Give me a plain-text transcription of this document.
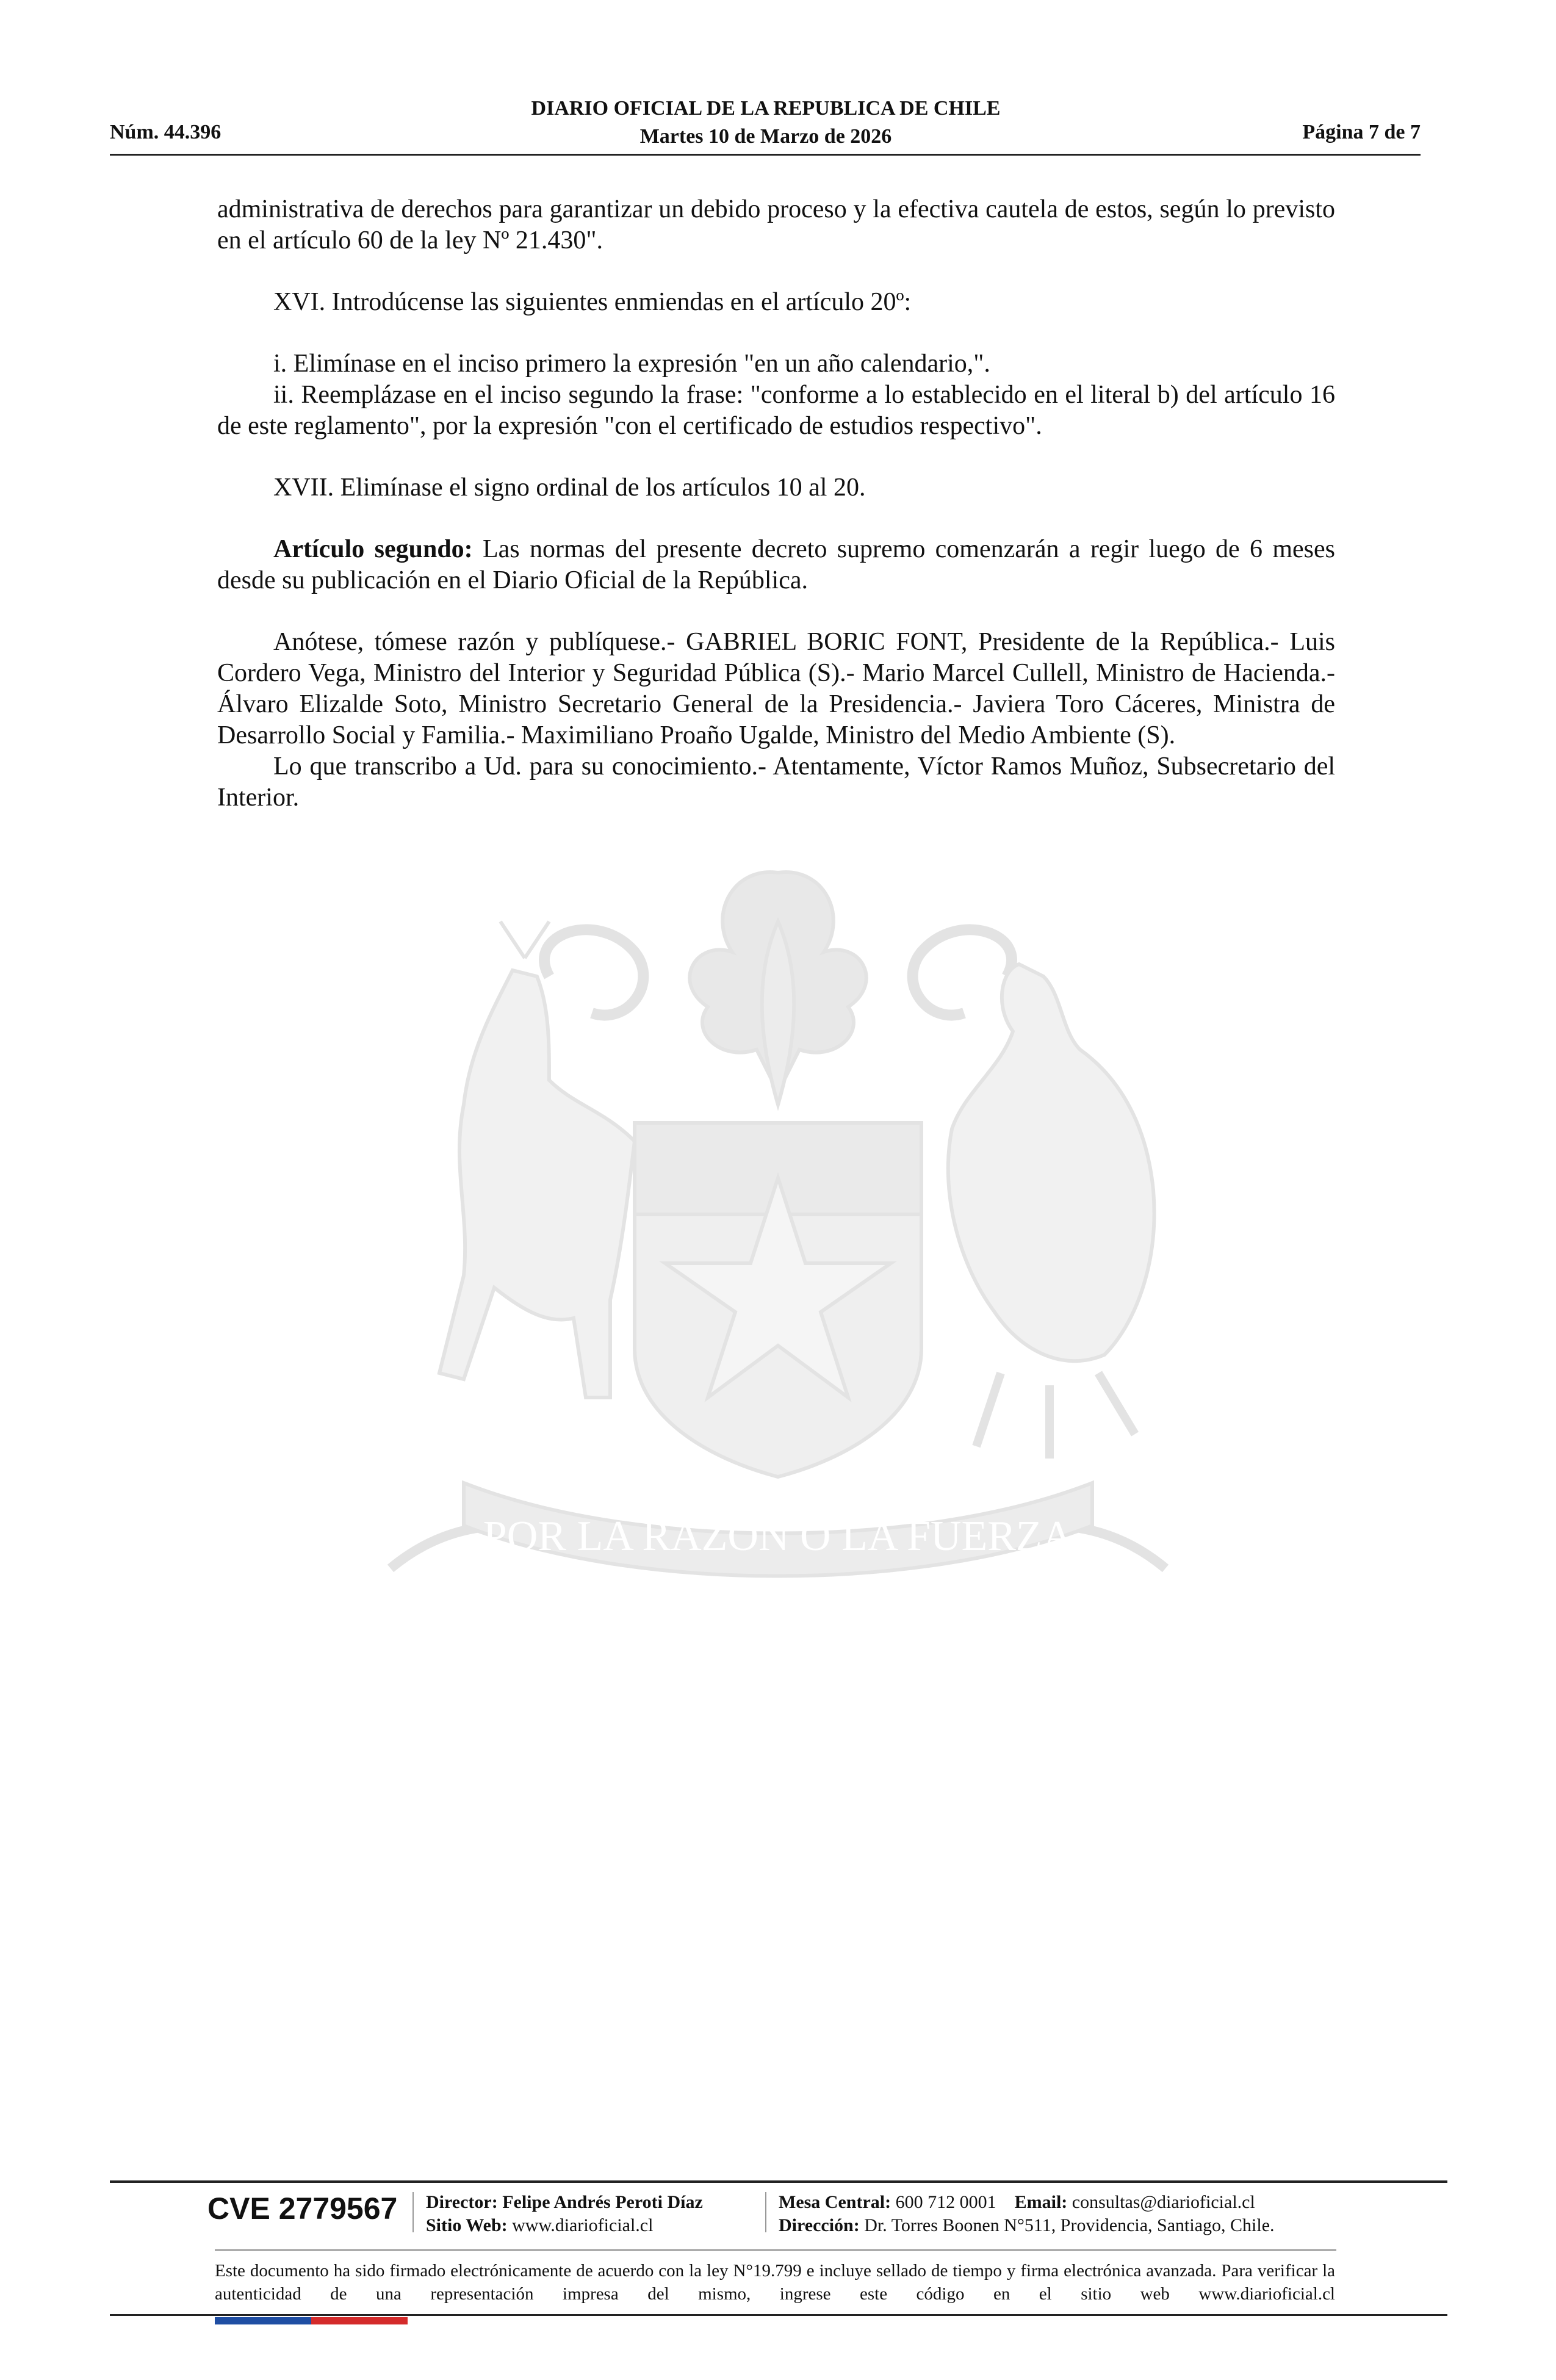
DIARIO OFICIAL DE LA REPUBLICA DE CHILE
Martes 10 de Marzo de 2026
Núm. 44.396	Página 7 de 7
POR LA RAZON O LA FUERZA

administrativa de derechos para garantizar un debido proceso y la efectiva cautela de estos, según lo previsto en el artículo 60 de la ley Nº 21.430".

XVI. Introdúcense las siguientes enmiendas en el artículo 20º:

i. Elimínase en el inciso primero la expresión "en un año calendario,".

ii. Reemplázase en el inciso segundo la frase: "conforme a lo establecido en el literal b) del artículo 16 de este reglamento", por la expresión "con el certificado de estudios respectivo".

XVII. Elimínase el signo ordinal de los artículos 10 al 20.

Artículo segundo: Las normas del presente decreto supremo comenzarán a regir luego de 6 meses desde su publicación en el Diario Oficial de la República.

Anótese, tómese razón y publíquese.- GABRIEL BORIC FONT, Presidente de la República.- Luis Cordero Vega, Ministro del Interior y Seguridad Pública (S).- Mario Marcel Cullell, Ministro de Hacienda.- Álvaro Elizalde Soto, Ministro Secretario General de la Presidencia.- Javiera Toro Cáceres, Ministra de Desarrollo Social y Familia.- Maximiliano Proaño Ugalde, Ministro del Medio Ambiente (S).

Lo que transcribo a Ud. para su conocimiento.- Atentamente, Víctor Ramos Muñoz, Subsecretario del Interior.

CVE 2779567 Director: Felipe Andrés Peroti Díaz
Sitio Web: www.diarioficial.cl
Mesa Central: 600 712 0001 Email: consultas@diarioficial.cl
Dirección: Dr. Torres Boonen N°511, Providencia, Santiago, Chile.
Este documento ha sido firmado electrónicamente de acuerdo con la ley N°19.799 e incluye sellado de tiempo y firma electrónica avanzada. Para verificar la autenticidad de una representación impresa del mismo, ingrese este código en el sitio web www.diarioficial.cl
